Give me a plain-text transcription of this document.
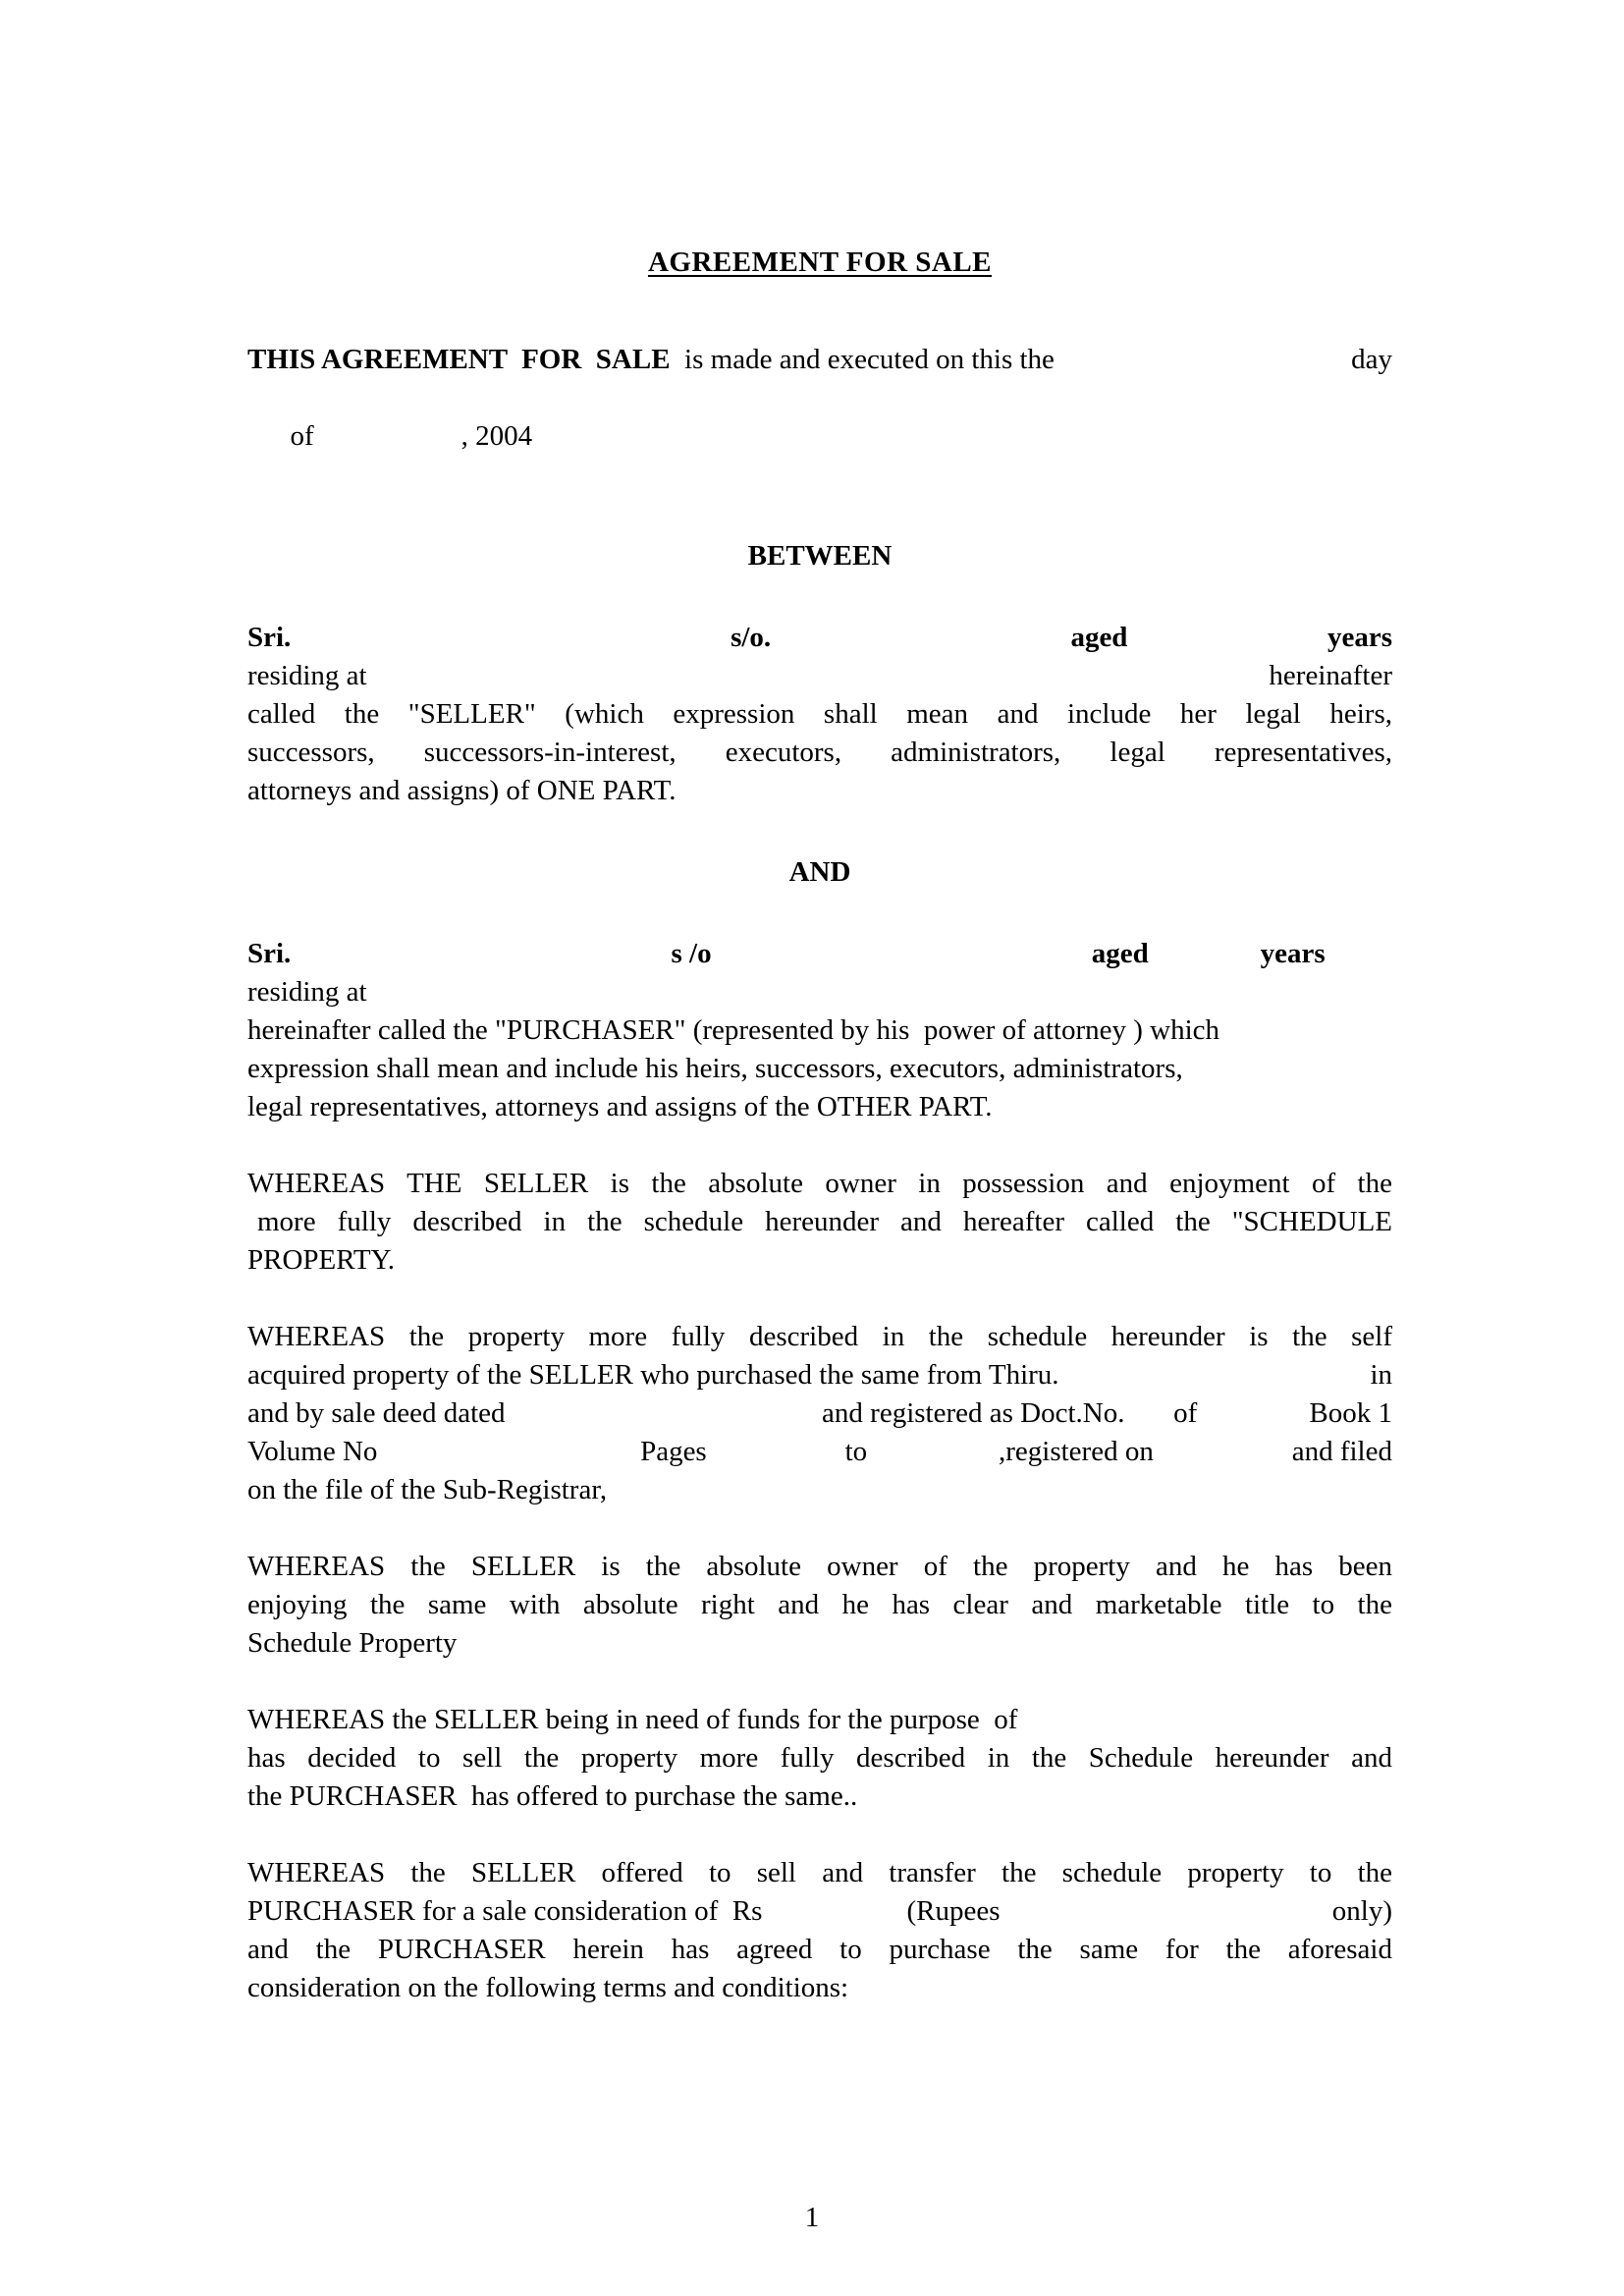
AGREEMENT FOR SALE
THIS AGREEMENT  FOR  SALE  is made and executed on this the	day

of	, 2004

BETWEEN
Sri.	s/o.	aged	years
residing at	hereinafter
called the "SELLER" (which expression shall mean and include her legal heirs,
successors, successors-in-interest, executors, administrators, legal representatives,
attorneys and assigns) of ONE PART.
AND
Sri.	s /o	aged	years
residing at
hereinafter called the "PURCHASER" (represented by his  power of attorney ) which
expression shall mean and include his heirs, successors, executors, administrators,
legal representatives, attorneys and assigns of the OTHER PART.
WHEREAS THE SELLER is the absolute owner in possession and enjoyment of the
more fully described in the schedule hereunder and hereafter called the "SCHEDULE
PROPERTY.
WHEREAS the property more fully described in the schedule hereunder is the self
acquired property of the SELLER who purchased the same from Thiru.	in
and by sale deed dated	and registered as Doct.No. of	Book 1
Volume No	Pages	to	,registered on	and filed
on the file of the Sub-Registrar,
WHEREAS the SELLER is the absolute owner of the property and he has been
enjoying the same with absolute right and he has clear and marketable title to the
Schedule Property
WHEREAS the SELLER being in need of funds for the purpose  of
has decided to sell the property more fully described in the Schedule hereunder and
the PURCHASER  has offered to purchase the same..
WHEREAS the SELLER offered to sell and transfer the schedule property to the
PURCHASER for a sale consideration of  Rs	(Rupees	only)
and the PURCHASER herein has agreed to purchase the same for the aforesaid
consideration on the following terms and conditions:
1
